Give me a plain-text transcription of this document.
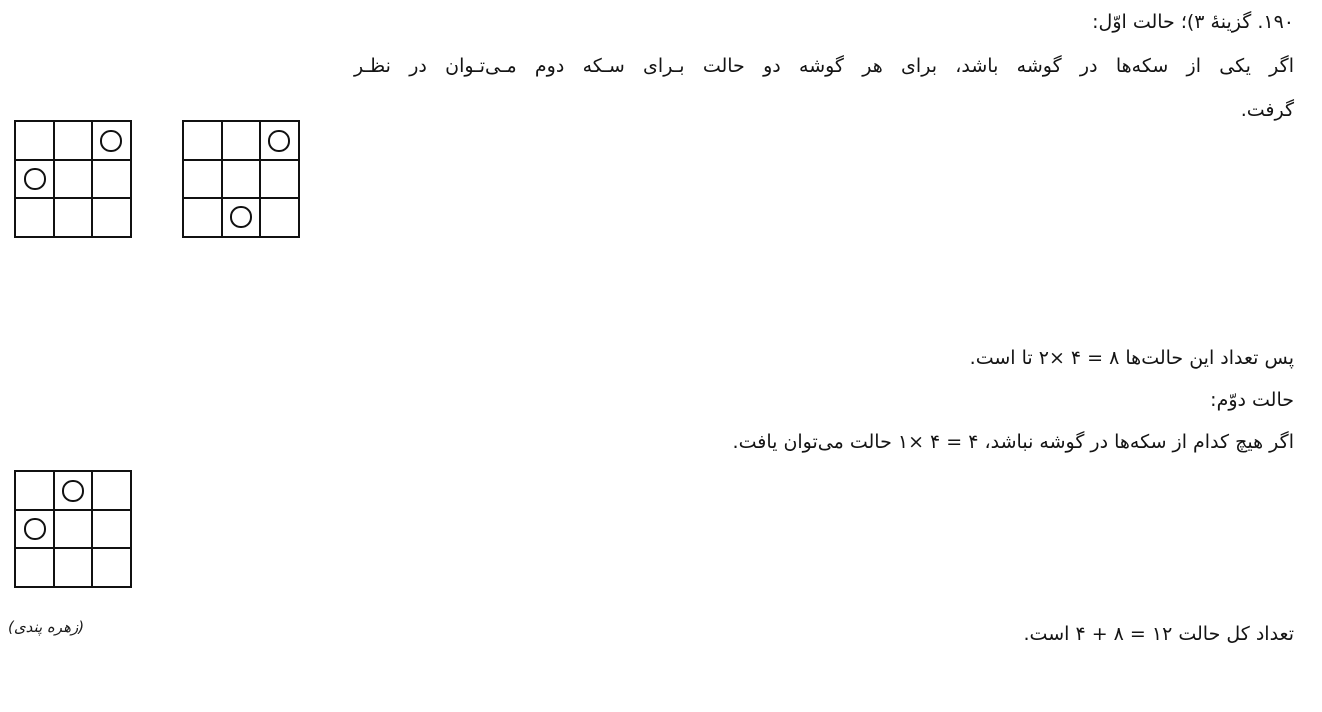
۱۹۰. گزینۀ ۳)؛ حالت اوّل:
اگر یکی از سکه‌ها در گوشه باشد، برای هر گوشه دو حالت بـرای سـکه دوم مـی‌تـوان در نظـر
گرفت.
پس تعداد این حالت‌ها ۸ = ۴ ×۲ تا است.
حالت دوّم:
اگر هیچ کدام از سکه‌ها در گوشه نباشد، ۴ = ۴ ×۱ حالت می‌توان یافت.
تعداد کل حالت ۱۲ = ۸ + ۴ است.
(زهره پندی)
